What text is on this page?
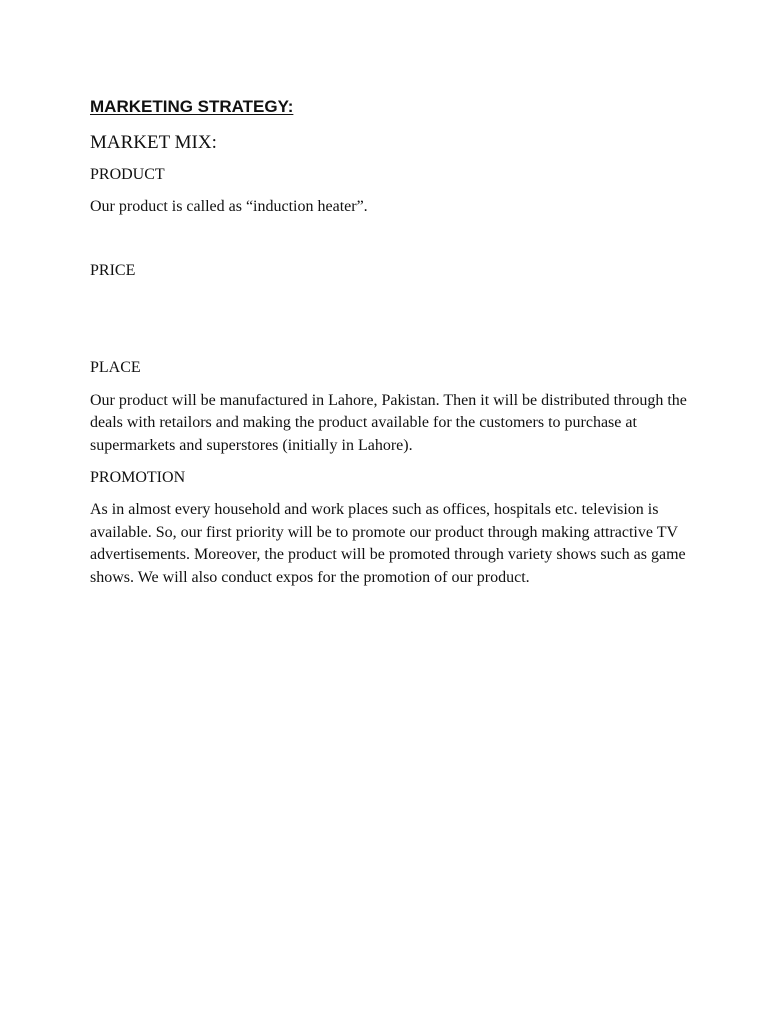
MARKETING STRATEGY:
MARKET MIX:
PRODUCT

Our product is called as “induction heater”.

PRICE
PLACE

Our product will be manufactured in Lahore, Pakistan. Then it will be distributed through the deals with retailors and making the product available for the customers to purchase at supermarkets and superstores (initially in Lahore).

PROMOTION

As in almost every household and work places such as offices, hospitals etc. television is available. So, our first priority will be to promote our product through making attractive TV advertisements. Moreover, the product will be promoted through variety shows such as game shows. We will also conduct expos for the promotion of our product.
